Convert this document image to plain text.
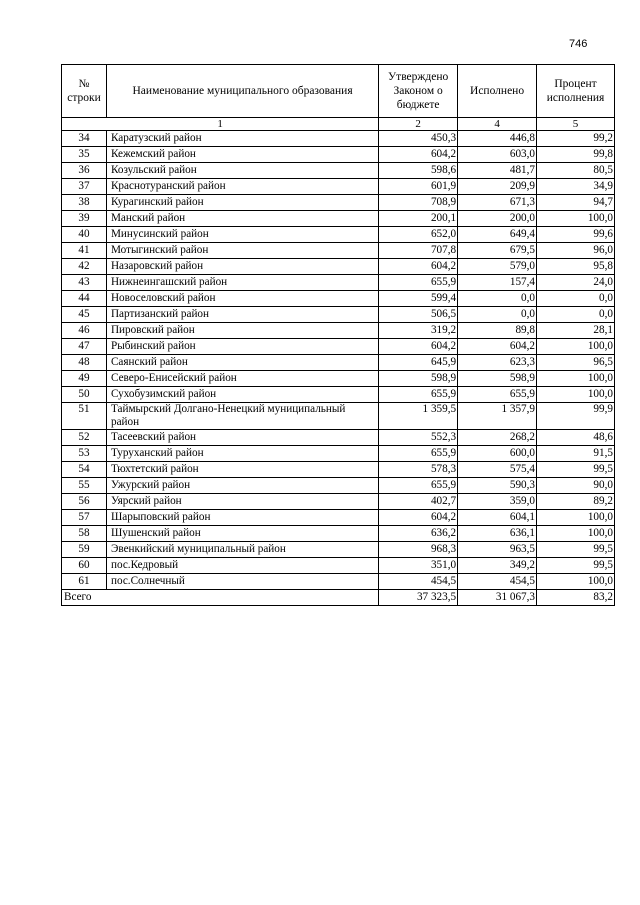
746
№ строки	Наименование муниципального образования	Утверждено Законом о бюджете	Исполнено	Процент исполнения
1		2	4	5
34	Каратузский район	450,3	446,8	99,2
35	Кежемский район	604,2	603,0	99,8
36	Козульский район	598,6	481,7	80,5
37	Краснотуранский район	601,9	209,9	34,9
38	Курагинский район	708,9	671,3	94,7
39	Манский район	200,1	200,0	100,0
40	Минусинский район	652,0	649,4	99,6
41	Мотыгинский район	707,8	679,5	96,0
42	Назаровский район	604,2	579,0	95,8
43	Нижнеингашский район	655,9	157,4	24,0
44	Новоселовский район	599,4	0,0	0,0
45	Партизанский район	506,5	0,0	0,0
46	Пировский район	319,2	89,8	28,1
47	Рыбинский район	604,2	604,2	100,0
48	Саянский район	645,9	623,3	96,5
49	Северо-Енисейский район	598,9	598,9	100,0
50	Сухобузимский район	655,9	655,9	100,0
51	Таймырский Долгано-Ненецкий муниципальный район	1 359,5	1 357,9	99,9
52	Тасеевский район	552,3	268,2	48,6
53	Туруханский район	655,9	600,0	91,5
54	Тюхтетский район	578,3	575,4	99,5
55	Ужурский район	655,9	590,3	90,0
56	Уярский район	402,7	359,0	89,2
57	Шарыповский район	604,2	604,1	100,0
58	Шушенский район	636,2	636,1	100,0
59	Эвенкийский муниципальный район	968,3	963,5	99,5
60	пос.Кедровый	351,0	349,2	99,5
61	пос.Солнечный	454,5	454,5	100,0
Всего		37 323,5	31 067,3	83,2
